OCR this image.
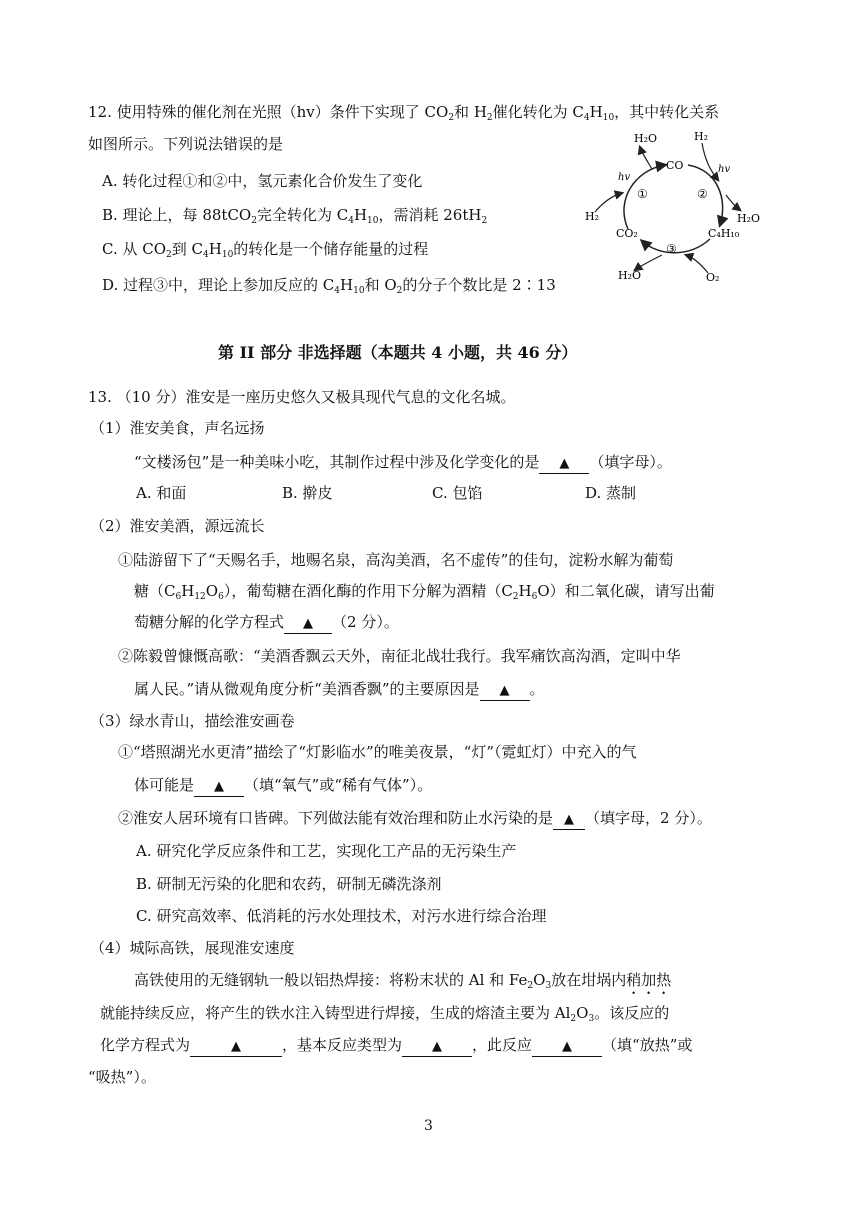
12. 使用特殊的催化剂在光照（hv）条件下实现了 $CO_2$和 $H_2$催化转化为 $C_4H_{10}$，其中转化关系
如图所示。下列说法错误的是
A. 转化过程①和②中，氢元素化合价发生了变化
B. 理论上，每 88tCO$_2$完全转化为 $C_4H_{10}$，需消耗 $26tH_2$
C. 从 $CO_2$到 $C_4H_{10}$的转化是一个储存能量的过程
D. 过程③中，理论上参加反应的 $C_4H_{10}$和 $O_2$的分子个数比是 2∶13
H₂O	H₂
CO
hv
hv
①	②
③
H₂	H₂O
CO₂	C₄H₁₀
H₂O	O₂
第 II 部分 非选择题（本题共 4 小题，共 46 分）
13. （10 分）淮安是一座历史悠久又极具现代气息的文化名城。
（1）淮安美食，声名远扬
“文楼汤包”是一种美味小吃，其制作过程中涉及化学变化的是 ▲ （填字母）。
A. 和面	B. 擀皮	C. 包馅	D. 蒸制
（2）淮安美酒，源远流长
①陆游留下了“天赐名手，地赐名泉，高沟美酒，名不虚传”的佳句，淀粉水解为葡萄
糖$(C_6H_{12}O_6)$，葡萄糖在酒化酶的作用下分解为酒精$(C_2H_6O)$和二氧化碳，请写出葡
萄糖分解的化学方程式 ▲ （2 分）。
②陈毅曾慷慨高歌：“美酒香飘云天外，南征北战壮我行。我军痛饮高沟酒，定叫中华
属人民。”请从微观角度分析“美酒香飘”的主要原因是 ▲ 。
（3）绿水青山，描绘淮安画卷
①“塔照湖光水更清”描绘了“灯影临水”的唯美夜景，“灯”（霓虹灯）中充入的气
体可能是 ▲ （填“氧气”或“稀有气体”）。
②淮安人居环境有口皆碑。下列做法能有效治理和防止水污染的是 ▲ （填字母，2 分）。
A. 研究化学反应条件和工艺，实现化工产品的无污染生产
B. 研制无污染的化肥和农药，研制无磷洗涤剂
C. 研究高效率、低消耗的污水处理技术，对污水进行综合治理
（4）城际高铁，展现淮安速度
高铁使用的无缝钢轨一般以铝热焊接：将粉末状的 Al 和 $Fe_2O_3$放在坩埚内稍加热
就能持续反应，将产生的铁水注入铸型进行焊接，生成的熔渣主要为 $Al_2O_3$。该反应的
化学方程式为	▲	，基本反应类型为 ▲ ，此反应 ▲ （填“放热”或
“吸热”）。
3
